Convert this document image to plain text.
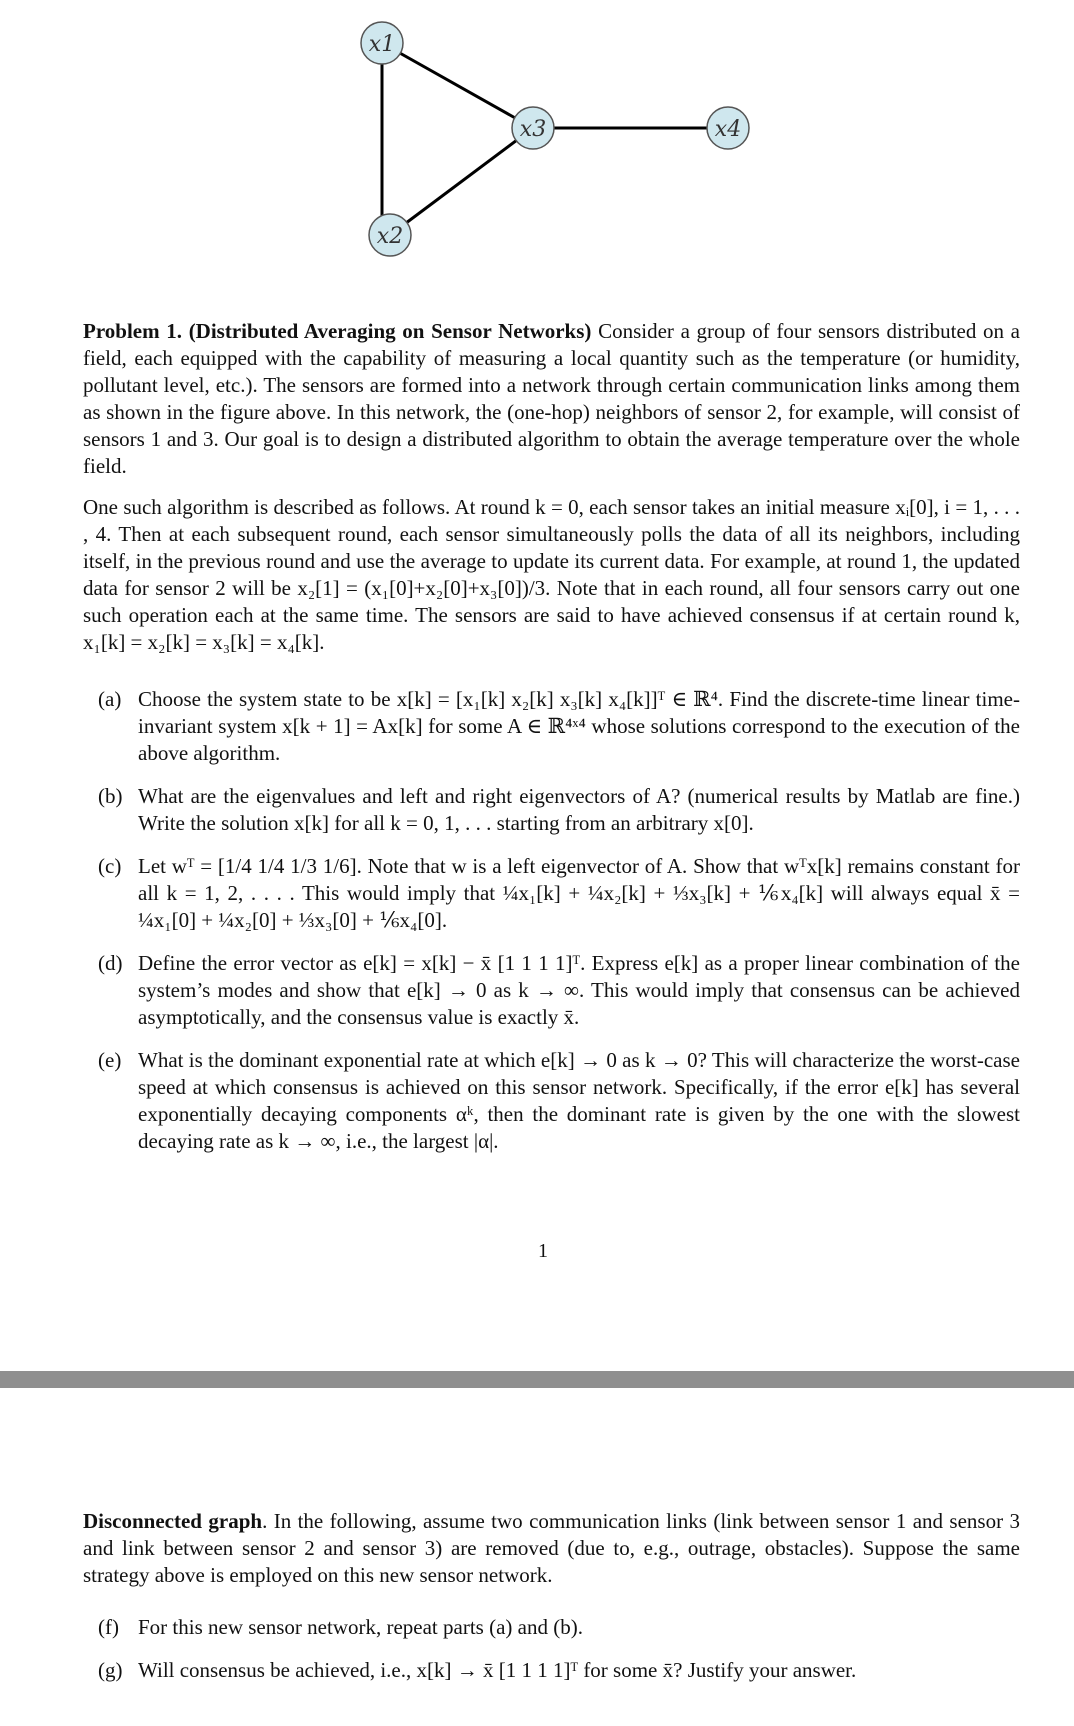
x1
x2
x3	x4
Problem 1. (Distributed Averaging on Sensor Networks) Consider a group of four sensors distributed on a field, each equipped with the capability of measuring a local quantity such as the temperature (or humidity, pollutant level, etc.). The sensors are formed into a network through certain communication links among them as shown in the figure above. In this network, the (one-hop) neighbors of sensor 2, for example, will consist of sensors 1 and 3. Our goal is to design a distributed algorithm to obtain the average temperature over the whole field.
One such algorithm is described as follows. At round k = 0, each sensor takes an initial measure xᵢ[0], i = 1, . . . , 4. Then at each subsequent round, each sensor simultaneously polls the data of all its neighbors, including itself, in the previous round and use the average to update its current data. For example, at round 1, the updated data for sensor 2 will be x₂[1] = (x₁[0]+x₂[0]+x₃[0])/3. Note that in each round, all four sensors carry out one such operation each at the same time. The sensors are said to have achieved consensus if at certain round k, x₁[k] = x₂[k] = x₃[k] = x₄[k].
(a) Choose the system state to be x[k] = [x₁[k] x₂[k] x₃[k] x₄[k]]ᵀ ∈ ℝ⁴. Find the discrete-time linear time-invariant system x[k + 1] = Ax[k] for some A ∈ ℝ⁴ˣ⁴ whose solutions correspond to the execution of the above algorithm.
(b) What are the eigenvalues and left and right eigenvectors of A? (numerical results by Matlab are fine.) Write the solution x[k] for all k = 0, 1, . . . starting from an arbitrary x[0].
(c) Let wᵀ = [1/4 1/4 1/3 1/6]. Note that w is a left eigenvector of A. Show that wᵀx[k] remains constant for all k = 1, 2, . . . . This would imply that ¼x₁[k] + ¼x₂[k] + ⅓x₃[k] + ⅙x₄[k] will always equal x̄ = ¼x₁[0] + ¼x₂[0] + ⅓x₃[0] + ⅙x₄[0].
(d) Define the error vector as e[k] = x[k] − x̄ [1 1 1 1]ᵀ. Express e[k] as a proper linear combination of the system’s modes and show that e[k] → 0 as k → ∞. This would imply that consensus can be achieved asymptotically, and the consensus value is exactly x̄.
(e) What is the dominant exponential rate at which e[k] → 0 as k → 0? This will characterize the worst-case speed at which consensus is achieved on this sensor network. Specifically, if the error e[k] has several exponentially decaying components αᵏ, then the dominant rate is given by the one with the slowest decaying rate as k → ∞, i.e., the largest |α|.
1
Disconnected graph. In the following, assume two communication links (link between sensor 1 and sensor 3 and link between sensor 2 and sensor 3) are removed (due to, e.g., outrage, obstacles). Suppose the same strategy above is employed on this new sensor network.
(f) For this new sensor network, repeat parts (a) and (b).
(g) Will consensus be achieved, i.e., x[k] → x̄ [1 1 1 1]ᵀ for some x̄? Justify your answer.
